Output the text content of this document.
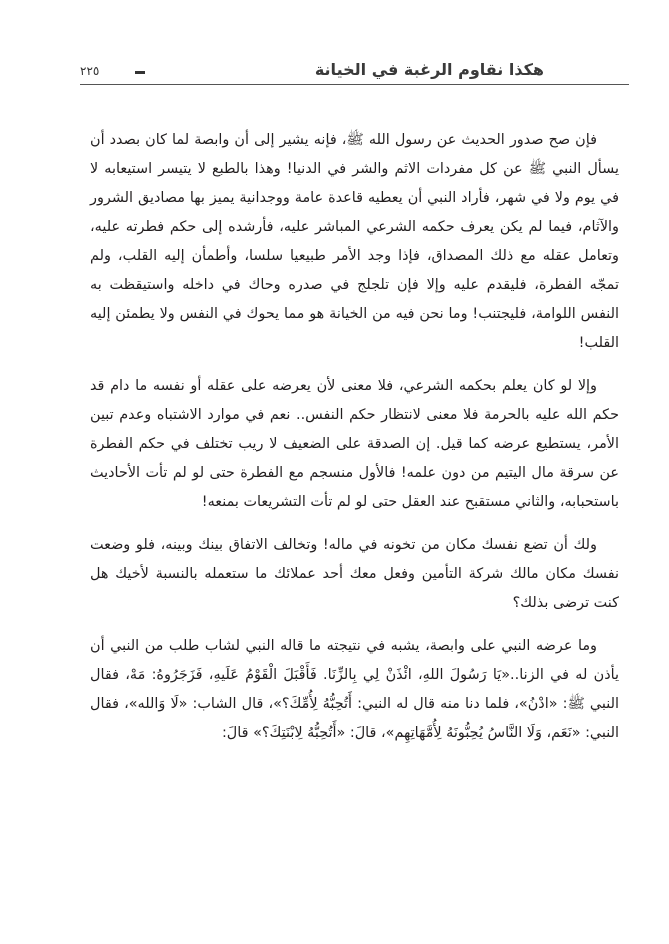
هكذا نقاوم الرغبة في الخيانة
٢٢٥

فإن صح صدور الحديث عن رسول الله ﷺ، فإنه يشير إلى أن وابصة لما كان بصدد أن يسأل النبي ﷺ عن كل مفردات الاثم والشر في الدنيا! وهذا بالطبع لا يتيسر استيعابه لا في يوم ولا في شهر، فأراد النبي أن يعطيه قاعدة عامة ووجدانية يميز بها مصاديق الشرور والآثام، فيما لم يكن يعرف حكمه الشرعي المباشر عليه، فأرشده إلى حكم فطرته عليه، وتعامل عقله مع ذلك المصداق، فإذا وجد الأمر طبيعيا سلسا، وأطمأن إليه القلب، ولم تمجّه الفطرة، فليقدم عليه وإلا فإن تلجلج في صدره وحاك في داخله واستيقظت به النفس اللوامة، فليجتنب! وما نحن فيه من الخيانة هو مما يحوك في النفس ولا يطمئن إليه القلب!

وإلا لو كان يعلم بحكمه الشرعي، فلا معنى لأن يعرضه على عقله أو نفسه ما دام قد حكم الله عليه بالحرمة فلا معنى لانتظار حكم النفس.. نعم في موارد الاشتباه وعدم تبين الأمر، يستطيع عرضه كما قيل. إن الصدقة على الضعيف لا ريب تختلف في حكم الفطرة عن سرقة مال اليتيم من دون علمه! فالأول منسجم مع الفطرة حتى لو لم تأت الأحاديث باستحبابه، والثاني مستقبح عند العقل حتى لو لم تأت التشريعات بمنعه!

ولك أن تضع نفسك مكان من تخونه في ماله! وتخالف الاتفاق بينك وبينه، فلو وضعت نفسك مكان مالك شركة التأمين وفعل معك أحد عملائك ما ستعمله بالنسبة لأخيك هل كنت ترضى بذلك؟

وما عرضه النبي على وابصة، يشبه في نتيجته ما قاله النبي لشاب طلب من النبي أن يأذن له في الزنا..«يَا رَسُولَ اللهِ، ائْذَنْ لِي بِالزِّنَا. فَأَقْبَلَ الْقَوْمُ عَلَيهِ، فَزَجَرُوهُ: مَهْ، فقال النبي ﷺ: «ادْنُ»، فلما دنا منه قال له النبي: أَتُحِبُّهُ لِأُمِّكَ؟»، قال الشاب: «لَا وَالله»، فقال النبي: «نَعَم، وَلَا النَّاسُ يُحِبُّونَهُ لِأُمَّهَاتِهِم»، قالَ: «أَتُحِبُّهُ لِابْنَتِكَ؟» قالَ:
